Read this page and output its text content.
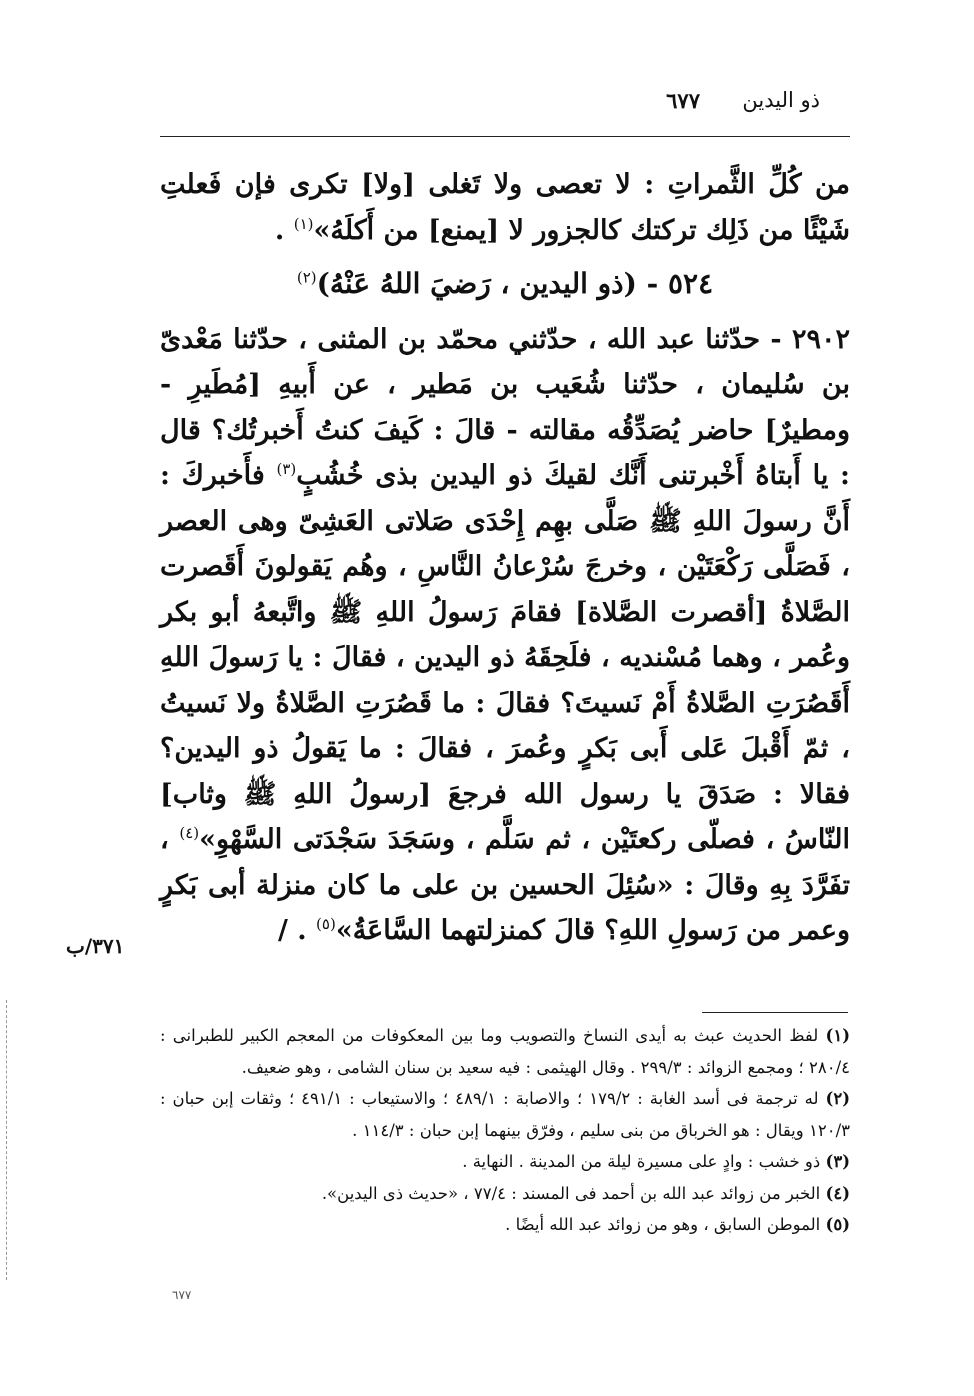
ذو اليدين
٦٧٧

من كُلِّ الثَّمراتِ : لا تعصى ولا تَغلى [ولا] تكرى فإن فَعلتِ شَيْئًا من ذَلِك تركتك كالجزور لا [يمنع] من أَكلَهُ»$^{(١)}$ .

٥٢٤ - (ذو اليدين ، رَضيَ اللهُ عَنْهُ)$^{(٢)}$

٢٩٠٢ - حدّثنا عبد الله ، حدّثني محمّد بن المثنى ، حدّثنا مَعْدىّ بن سُليمان ، حدّثنا شُعَيب بن مَطير ، عن أَبيهِ [مُطَيرِ - ومطيرٌ] حاضر يُصَدِّقُه مقالته - قالَ : كَيفَ كنتُ أَخبرتُك؟ قال : يا أَبتاهُ أَخْبرتنى أَنَّك لقيكَ ذو اليدين بذى خُشُبٍ$^{(٣)}$ فأَخبركَ : أَنَّ رسولَ اللهِ ﷺ صَلَّى بهِم إِحْدَى صَلاتى العَشِىّ وهى العصر ، فَصَلَّى رَكْعَتَيْن ، وخرجَ سُرْعانُ النَّاسِ ، وهُم يَقولونَ أَقَصرت الصَّلاةُ [أقصرت الصَّلاة] فقامَ رَسولُ اللهِ ﷺ واتَّبعهُ أبو بكر وعُمر ، وهما مُسْنديه ، فلَحِقَهُ ذو اليدين ، فقالَ : يا رَسولَ اللهِ أَقَصُرَتِ الصَّلاةُ أَمْ نَسيتَ؟ فقالَ : ما قَصُرَتِ الصَّلاةُ ولا نَسيتُ ، ثمّ أَقْبلَ عَلى أَبى بَكرٍ وعُمرَ ، فقالَ : ما يَقولُ ذو اليدين؟ فقالا : صَدَقَ يا رسول الله فرجعَ [رسولُ اللهِ ﷺ وثاب] النّاسُ ، فصلّى ركعتَيْن ، ثم سَلَّم ، وسَجَدَ سَجْدَتى السَّهْوِ»$^{(٤)}$ ، تفَرَّدَ بِهِ وقالَ : «سُئِلَ الحسين بن على ما كان منزلة أبى بَكرٍ وعمر من رَسولِ اللهِ؟ قالَ كمنزلتهما السَّاعَةُ»$^{(٥)}$ . /

٣٧١/ب

(١) لفظ الحديث عبث به أيدى النساخ والتصويب وما بين المعكوفات من المعجم الكبير للطبرانى : ٢٨٠/٤ ؛ ومجمع الزوائد : ٢٩٩/٣ . وقال الهيثمى : فيه سعيد بن سنان الشامى ، وهو ضعيف.

(٢) له ترجمة فى أسد الغابة : ١٧٩/٢ ؛ والاصابة : ٤٨٩/١ ؛ والاستيعاب : ٤٩١/١ ؛ وثقات إبن حبان : ١٢٠/٣ ويقال : هو الخرباق من بنى سليم ، وفرّق بينهما إبن حبان : ١١٤/٣ .

(٣) ذو خشب : وادٍ على مسيرة ليلة من المدينة . النهاية .

(٤) الخبر من زوائد عبد الله بن أحمد فى المسند : ٧٧/٤ ، «حديث ذى اليدين».

(٥) الموطن السابق ، وهو من زوائد عبد الله أيضًا .

٦٧٧
